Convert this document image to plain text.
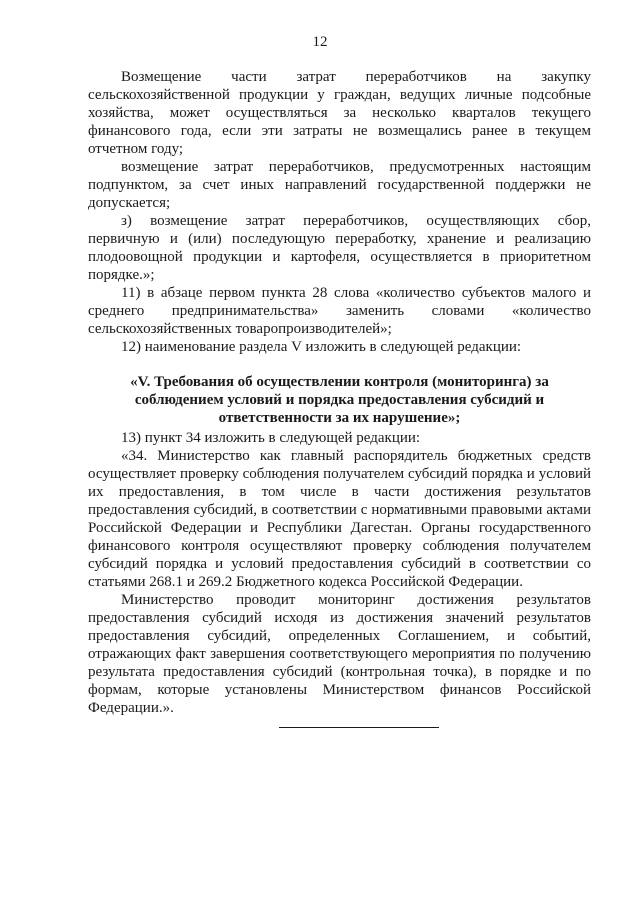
12

Возмещение части затрат переработчиков на закупку сельскохозяйственной продукции у граждан, ведущих личные подсобные хозяйства, может осуществляться за несколько кварталов текущего финансового года, если эти затраты не возмещались ранее в текущем отчетном году;

возмещение затрат переработчиков, предусмотренных настоящим подпунктом, за счет иных направлений государственной поддержки не допускается;

з) возмещение затрат переработчиков, осуществляющих сбор, первичную и (или) последующую переработку, хранение и реализацию плодоовощной продукции и картофеля, осуществляется в приоритетном порядке.»;

11) в абзаце первом пункта 28 слова «количество субъектов малого и среднего предпринимательства» заменить словами «количество сельскохозяйственных товаропроизводителей»;

12) наименование раздела V изложить в следующей редакции:

«V. Требования об осуществлении контроля (мониторинга) за соблюдением условий и порядка предоставления субсидий и ответственности за их нарушение»;

13) пункт 34 изложить в следующей редакции:

«34. Министерство как главный распорядитель бюджетных средств осуществляет проверку соблюдения получателем субсидий порядка и условий их предоставления, в том числе в части достижения результатов предоставления субсидий, в соответствии с нормативными правовыми актами Российской Федерации и Республики Дагестан. Органы государственного финансового контроля осуществляют проверку соблюдения получателем субсидий порядка и условий предоставления субсидий в соответствии со статьями 268.1 и 269.2 Бюджетного кодекса Российской Федерации.

Министерство проводит мониторинг достижения результатов предоставления субсидий исходя из достижения значений результатов предоставления субсидий, определенных Соглашением, и событий, отражающих факт завершения соответствующего мероприятия по получению результата предоставления субсидий (контрольная точка), в порядке и по формам, которые установлены Министерством финансов Российской Федерации.».
